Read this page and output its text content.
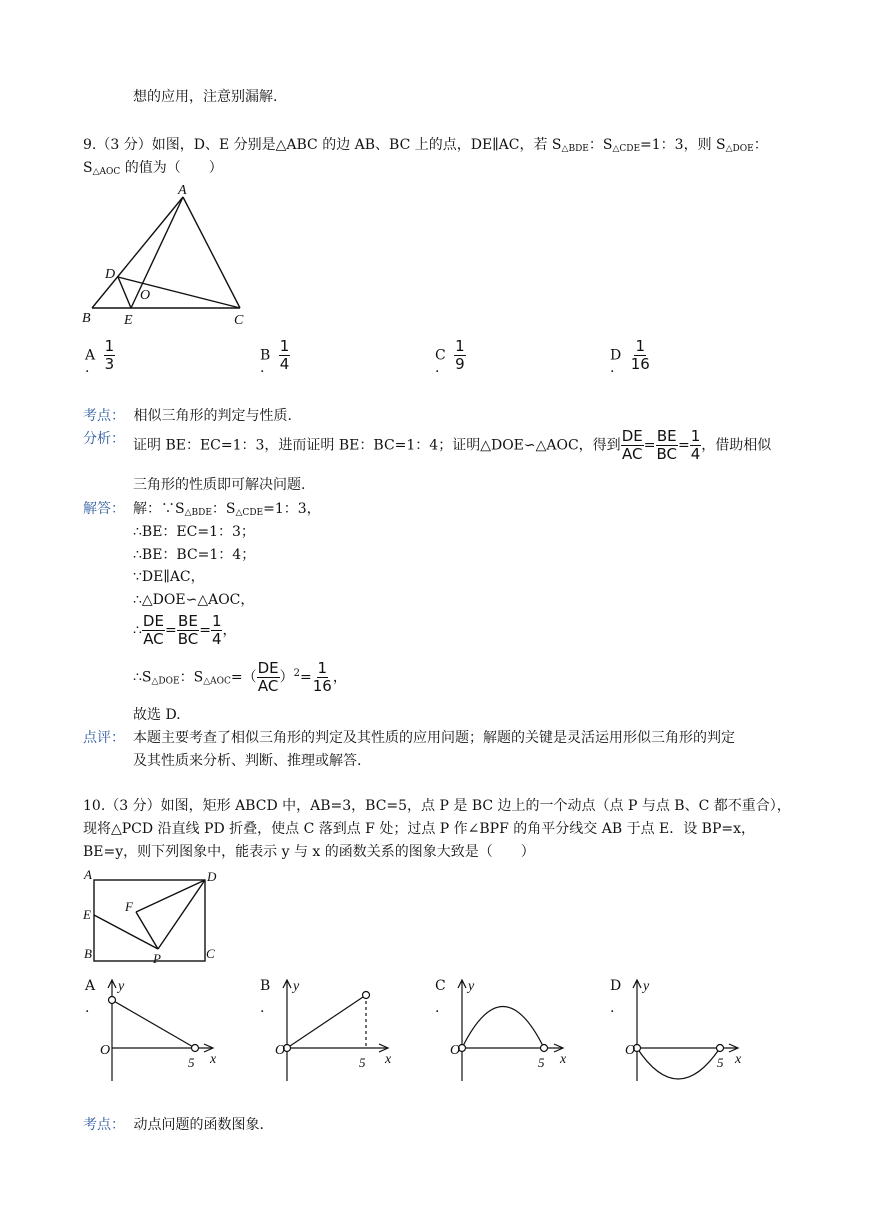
想的应用，注意别漏解.
9.（3 分）如图，D、E 分别是△ABC 的边 AB、BC 上的点，DE∥AC，若 $S_{\triangle BDE}$：$S_{\triangle CDE}=1$：3，则 $S_{\triangle DOE}$：
$S_{\triangle AOC}$ 的值为（　　）
A
D
O
B E	C
A $\frac{1}{3}$
.
B $\frac{1}{4}$
.
C $\frac{1}{9}$
.
D $\frac{1}{16}$
.
考点： 相似三角形的判定与性质.
分析： 证明 BE：EC=1：3，进而证明 BE：BC=1：4；证明△DOE∽△AOC，得到 $\frac{DE}{AC} = \frac{BE}{BC} = \frac{1}{4}$ ，借助相似
三角形的性质即可解决问题.
解答： 解：$\because S_{\triangle BDE}$：$S_{\triangle CDE}=1$：3，
∴BE：EC=1：3；
∴BE：BC=1：4；
∵DE∥AC，
∴△DOE∽△AOC，
∴ $\frac{DE}{AC} = \frac{BE}{BC} = \frac{1}{4}$ ，
$\therefore S_{\triangle DOE}$：$S_{\triangle AOC}=( \frac{DE}{AC} )^2= \frac{1}{16}$ ，
故选 D.
点评： 本题主要考查了相似三角形的判定及其性质的应用问题；解题的关键是灵活运用形似三角形的判定
及其性质来分析、判断、推理或解答.
10.（3 分）如图，矩形 ABCD 中，AB=3，BC=5，点 P 是 BC 边上的一个动点（点 P 与点 B、C 都不重合），
现将△PCD 沿直线 PD 折叠，使点 C 落到点 F 处；过点 P 作∠BPF 的角平分线交 AB 于点 E．设 BP=x，
BE=y，则下列图象中，能表示 y 与 x 的函数关系的图象大致是（　　）
A	D
E
F
B	P	C
A
.
B
.
C
.
D
.
y
O
5 x
y
O
5 x
y
O
5 x
y
O
5 x
考点： 动点问题的函数图象.
